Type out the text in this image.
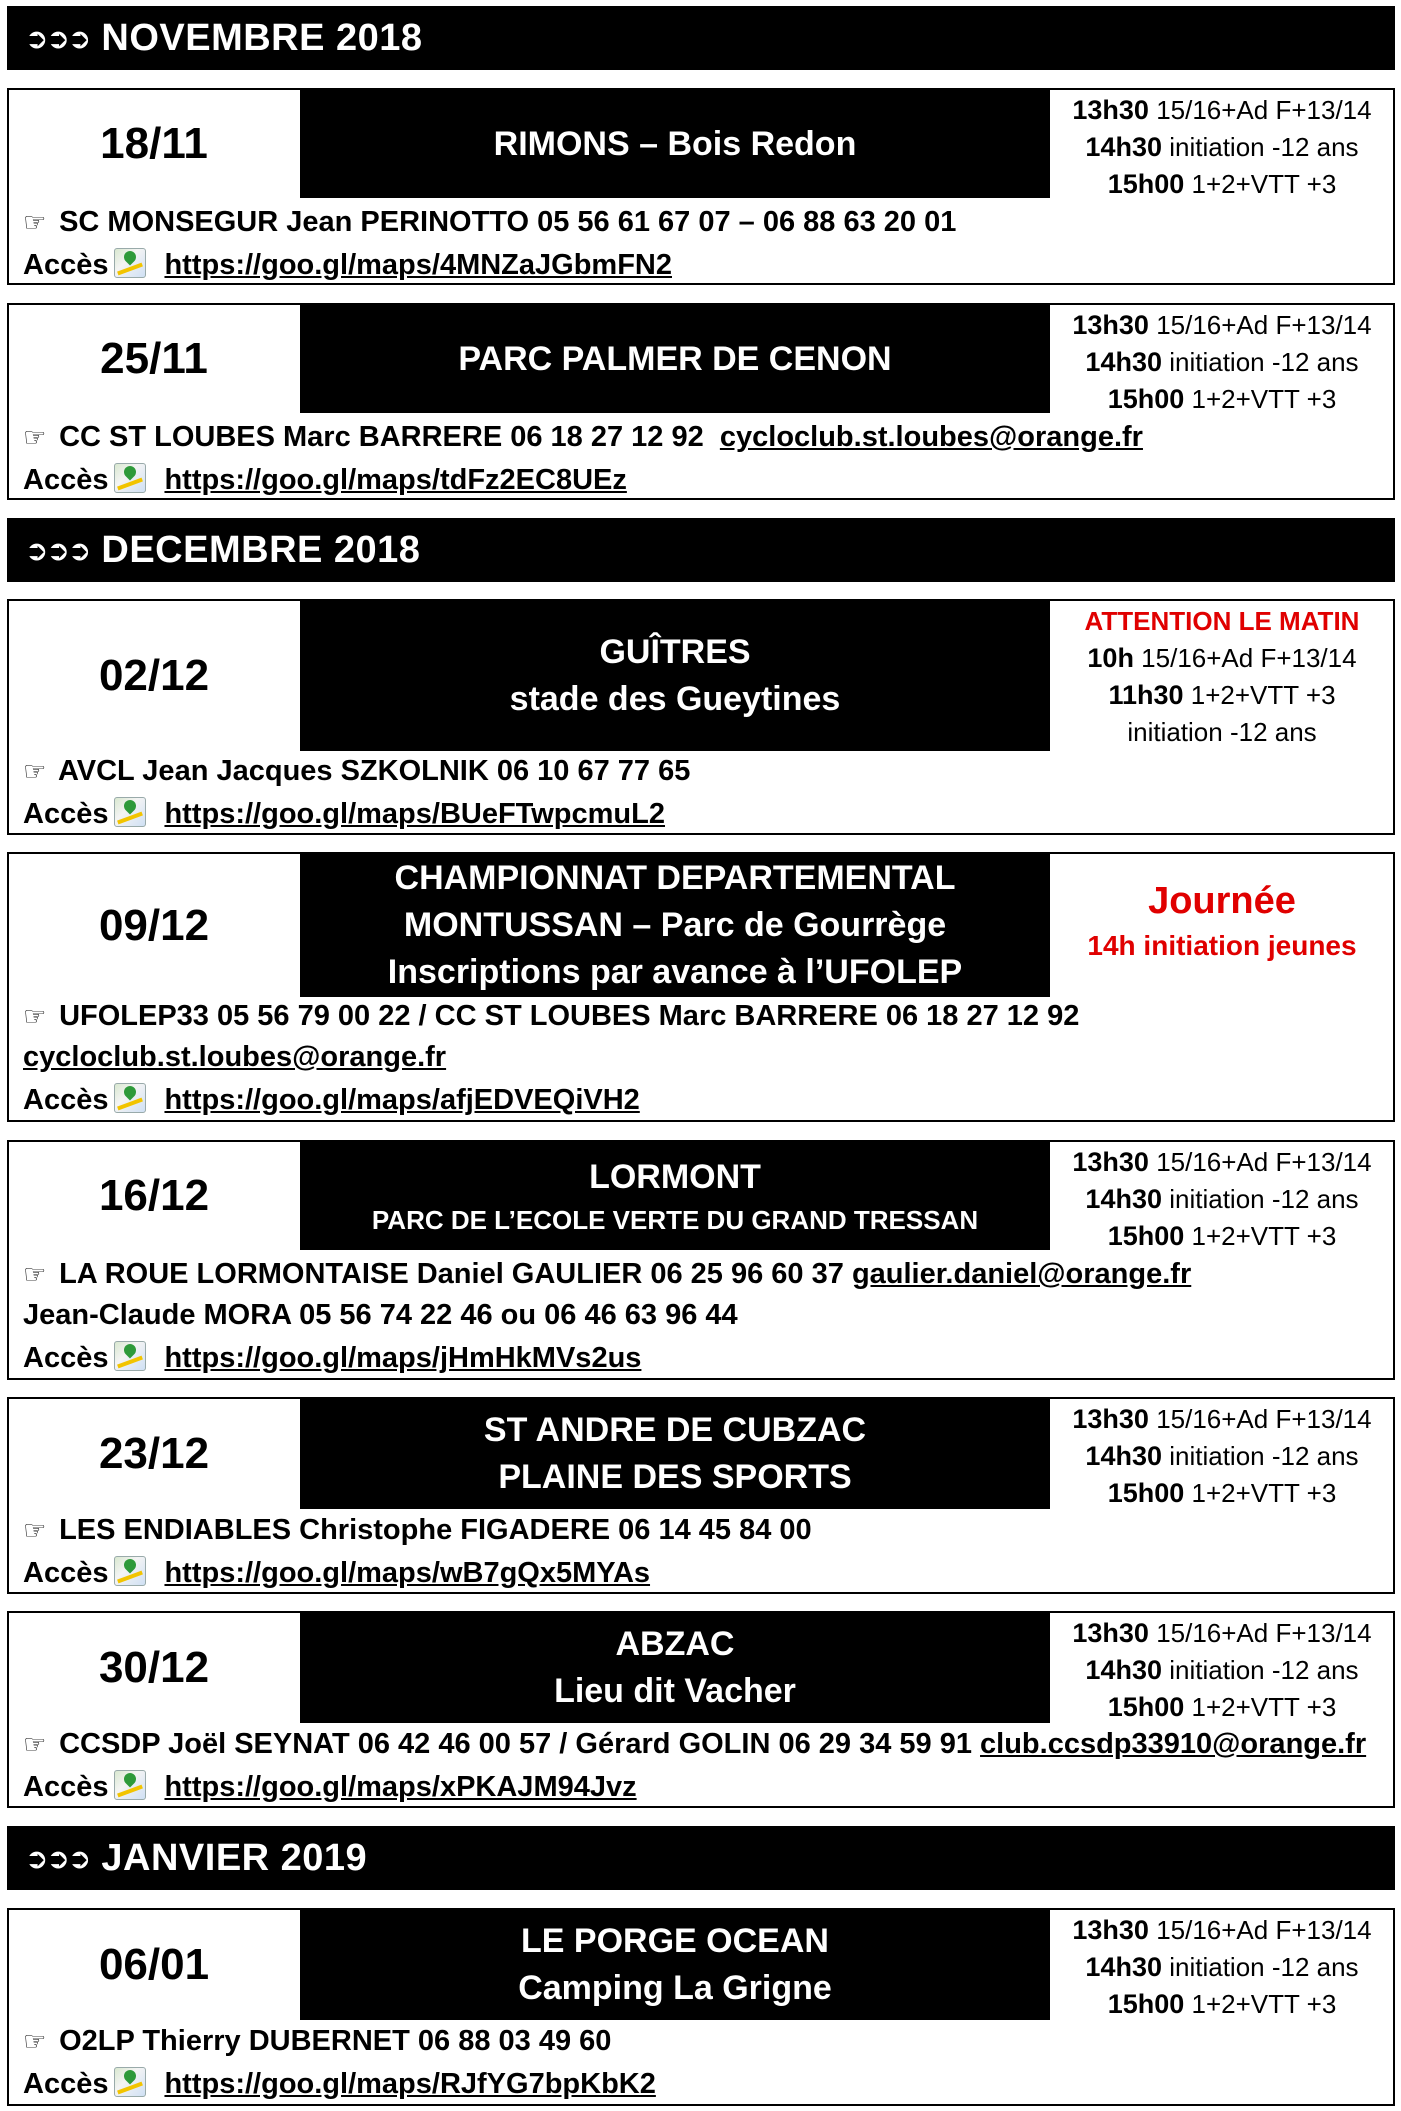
➲➲➲ NOVEMBRE 2018
18/11	RIMONS – Bois Redon
13h30 15/16+Ad F+13/14
14h30 initiation -12 ans
15h00 1+2+VTT +3
☞ SC MONSEGUR Jean PERINOTTO 05 56 61 67 07 – 06 88 63 20 01
Accès https://goo.gl/maps/4MNZaJGbmFN2
25/11	PARC PALMER DE CENON
13h30 15/16+Ad F+13/14
14h30 initiation -12 ans
15h00 1+2+VTT +3
☞ CC ST LOUBES Marc BARRERE 06 18 27 12 92 cycloclub.st.loubes@orange.fr
Accès https://goo.gl/maps/tdFz2EC8UEz
➲➲➲ DECEMBRE 2018
02/12	GUÎTRES
stade des Gueytines
ATTENTION LE MATIN
10h 15/16+Ad F+13/14
11h30 1+2+VTT +3
initiation -12 ans
☞ AVCL Jean Jacques SZKOLNIK 06 10 67 77 65
Accès https://goo.gl/maps/BUeFTwpcmuL2
09/12
CHAMPIONNAT DEPARTEMENTAL
MONTUSSAN – Parc de Gourrège
Inscriptions par avance à l’UFOLEP
Journée
14h initiation jeunes
☞ UFOLEP33 05 56 79 00 22 / CC ST LOUBES Marc BARRERE 06 18 27 12 92
cycloclub.st.loubes@orange.fr
Accès https://goo.gl/maps/afjEDVEQiVH2
16/12	LORMONT
PARC DE L’ECOLE VERTE DU GRAND TRESSAN
13h30 15/16+Ad F+13/14
14h30 initiation -12 ans
15h00 1+2+VTT +3
☞ LA ROUE LORMONTAISE Daniel GAULIER 06 25 96 60 37 gaulier.daniel@orange.fr
Jean-Claude MORA 05 56 74 22 46 ou 06 46 63 96 44
Accès https://goo.gl/maps/jHmHkMVs2us
23/12	ST ANDRE DE CUBZAC
PLAINE DES SPORTS
13h30 15/16+Ad F+13/14
14h30 initiation -12 ans
15h00 1+2+VTT +3
☞ LES ENDIABLES Christophe FIGADERE 06 14 45 84 00
Accès https://goo.gl/maps/wB7gQx5MYAs
30/12	ABZAC
Lieu dit Vacher
13h30 15/16+Ad F+13/14
14h30 initiation -12 ans
15h00 1+2+VTT +3
☞ CCSDP Joël SEYNAT 06 42 46 00 57 / Gérard GOLIN 06 29 34 59 91 club.ccsdp33910@orange.fr
Accès https://goo.gl/maps/xPKAJM94Jvz
➲➲➲ JANVIER 2019
06/01	LE PORGE OCEAN
Camping La Grigne
13h30 15/16+Ad F+13/14
14h30 initiation -12 ans
15h00 1+2+VTT +3
☞ O2LP Thierry DUBERNET 06 88 03 49 60
Accès https://goo.gl/maps/RJfYG7bpKbK2
